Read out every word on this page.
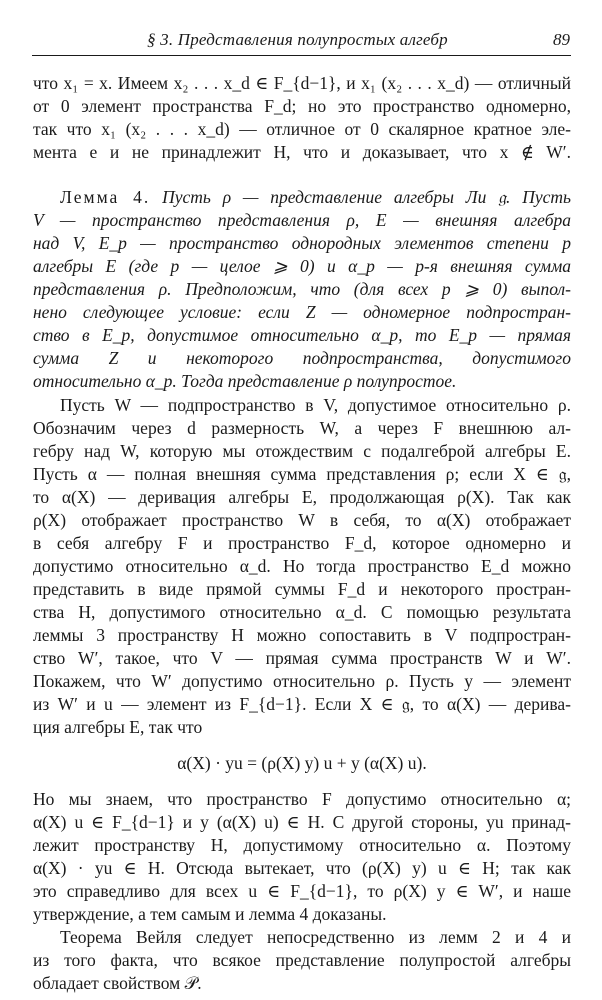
§ 3. Представления полупростых алгебр	89
что x₁ = x. Имеем x₂ . . . x_d ∈ F_{d−1}, и x₁ (x₂ . . . x_d) — отличный
от 0 элемент пространства F_d; но это пространство одномерно,
так что x₁ (x₂ . . . x_d) — отличное от 0 скалярное кратное эле-
мента e и не принадлежит H, что и доказывает, что x ∉ W′.
Лемма 4. Пусть ρ — представление алгебры Ли 𝔤. Пусть
V — пространство представления ρ, E — внешняя алгебра
над V, E_p — пространство однородных элементов степени p
алгебры E (где p — целое ⩾ 0) и α_p — p-я внешняя сумма
представления ρ. Предположим, что (для всех p ⩾ 0) выпол-
нено следующее условие: если Z — одномерное подпростран-
ство в E_p, допустимое относительно α_p, то E_p — прямая
сумма Z и некоторого подпространства, допустимого
относительно α_p. Тогда представление ρ полупростое.
Пусть W — подпространство в V, допустимое относительно ρ.
Обозначим через d размерность W, а через F внешнюю ал-
гебру над W, которую мы отождествим с подалгеброй алгебры E.
Пусть α — полная внешняя сумма представления ρ; если X ∈ 𝔤,
то α(X) — деривация алгебры E, продолжающая ρ(X). Так как
ρ(X) отображает пространство W в себя, то α(X) отображает
в себя алгебру F и пространство F_d, которое одномерно и
допустимо относительно α_d. Но тогда пространство E_d можно
представить в виде прямой суммы F_d и некоторого простран-
ства H, допустимого относительно α_d. С помощью результата
леммы 3 пространству H можно сопоставить в V подпростран-
ство W′, такое, что V — прямая сумма пространств W и W′.
Покажем, что W′ допустимо относительно ρ. Пусть y — элемент
из W′ и u — элемент из F_{d−1}. Если X ∈ 𝔤, то α(X) — дерива-
ция алгебры E, так что
α(X) · yu = (ρ(X) y) u + y (α(X) u).
Но мы знаем, что пространство F допустимо относительно α;
α(X) u ∈ F_{d−1} и y (α(X) u) ∈ H. С другой стороны, yu принад-
лежит пространству H, допустимому относительно α. Поэтому
α(X) · yu ∈ H. Отсюда вытекает, что (ρ(X) y) u ∈ H; так как
это справедливо для всех u ∈ F_{d−1}, то ρ(X) y ∈ W′, и наше
утверждение, а тем самым и лемма 4 доказаны.
Теорема Вейля следует непосредственно из лемм 2 и 4 и
из того факта, что всякое представление полупростой алгебры
обладает свойством 𝒫.
